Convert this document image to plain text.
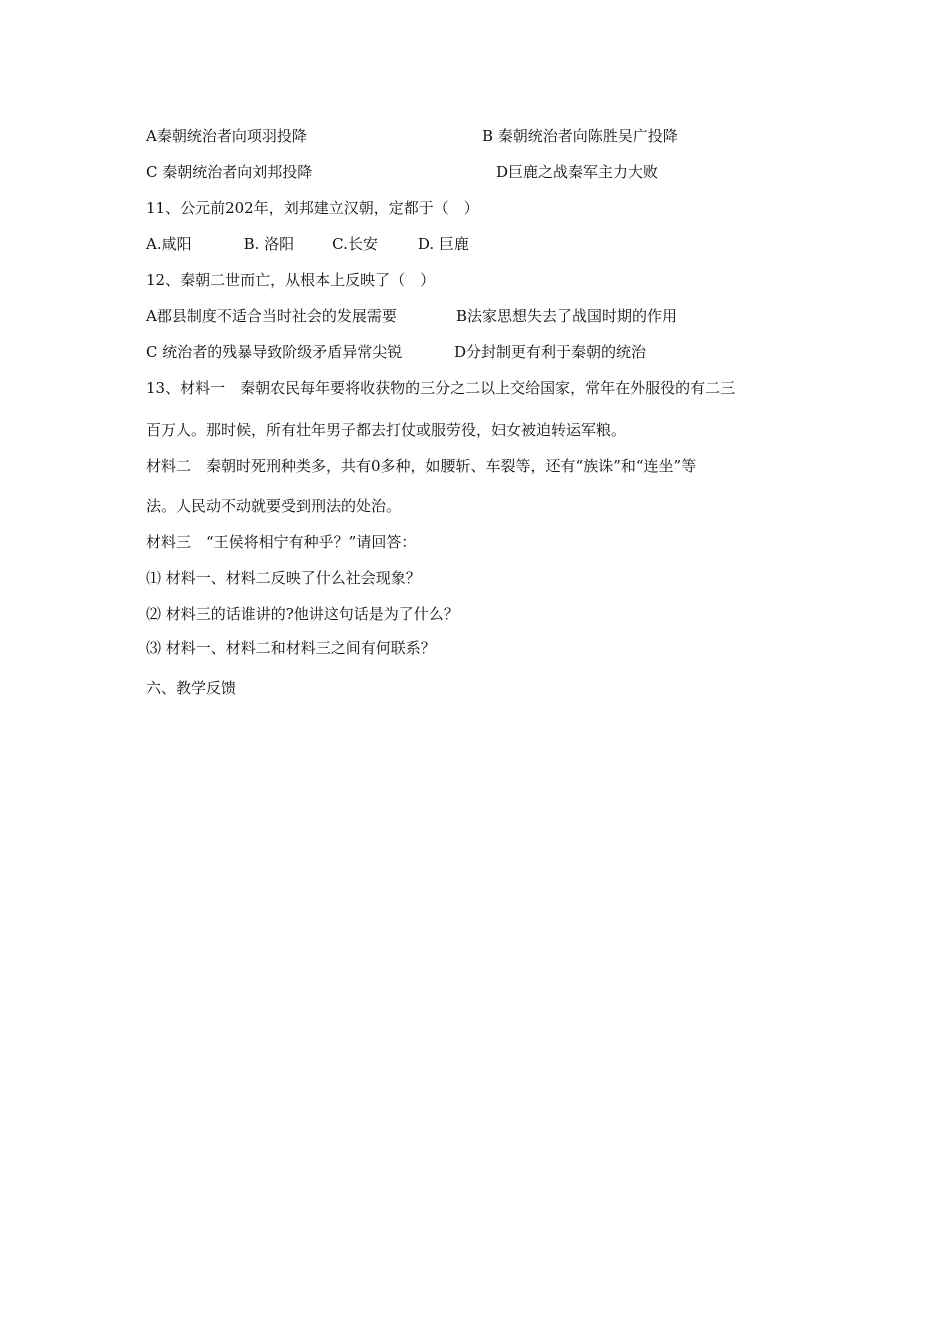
A秦朝统治者向项羽投降	B 秦朝统治者向陈胜吴广投降
C 秦朝统治者向刘邦投降	D巨鹿之战秦军主力大败
11、公元前202年，刘邦建立汉朝，定都于（　）
A.咸阳	B. 洛阳	C.长安	D. 巨鹿
12、秦朝二世而亡，从根本上反映了（　）
A郡县制度不适合当时社会的发展需要	B法家思想失去了战国时期的作用
C 统治者的残暴导致阶级矛盾异常尖锐	D分封制更有利于秦朝的统治
13、材料一　秦朝农民每年要将收获物的三分之二以上交给国家，常年在外服役的有二三
百万人。那时候，所有壮年男子都去打仗或服劳役，妇女被迫转运军粮。
材料二　秦朝时死刑种类多，共有0多种，如腰斩、车裂等，还有“族诛”和“连坐”等
法。人民动不动就要受到刑法的处治。
材料三　“王侯将相宁有种乎？”请回答：
⑴ 材料一、材料二反映了什么社会现象？
⑵ 材料三的话谁讲的?他讲这句话是为了什么？
⑶ 材料一、材料二和材料三之间有何联系？
六、教学反馈
